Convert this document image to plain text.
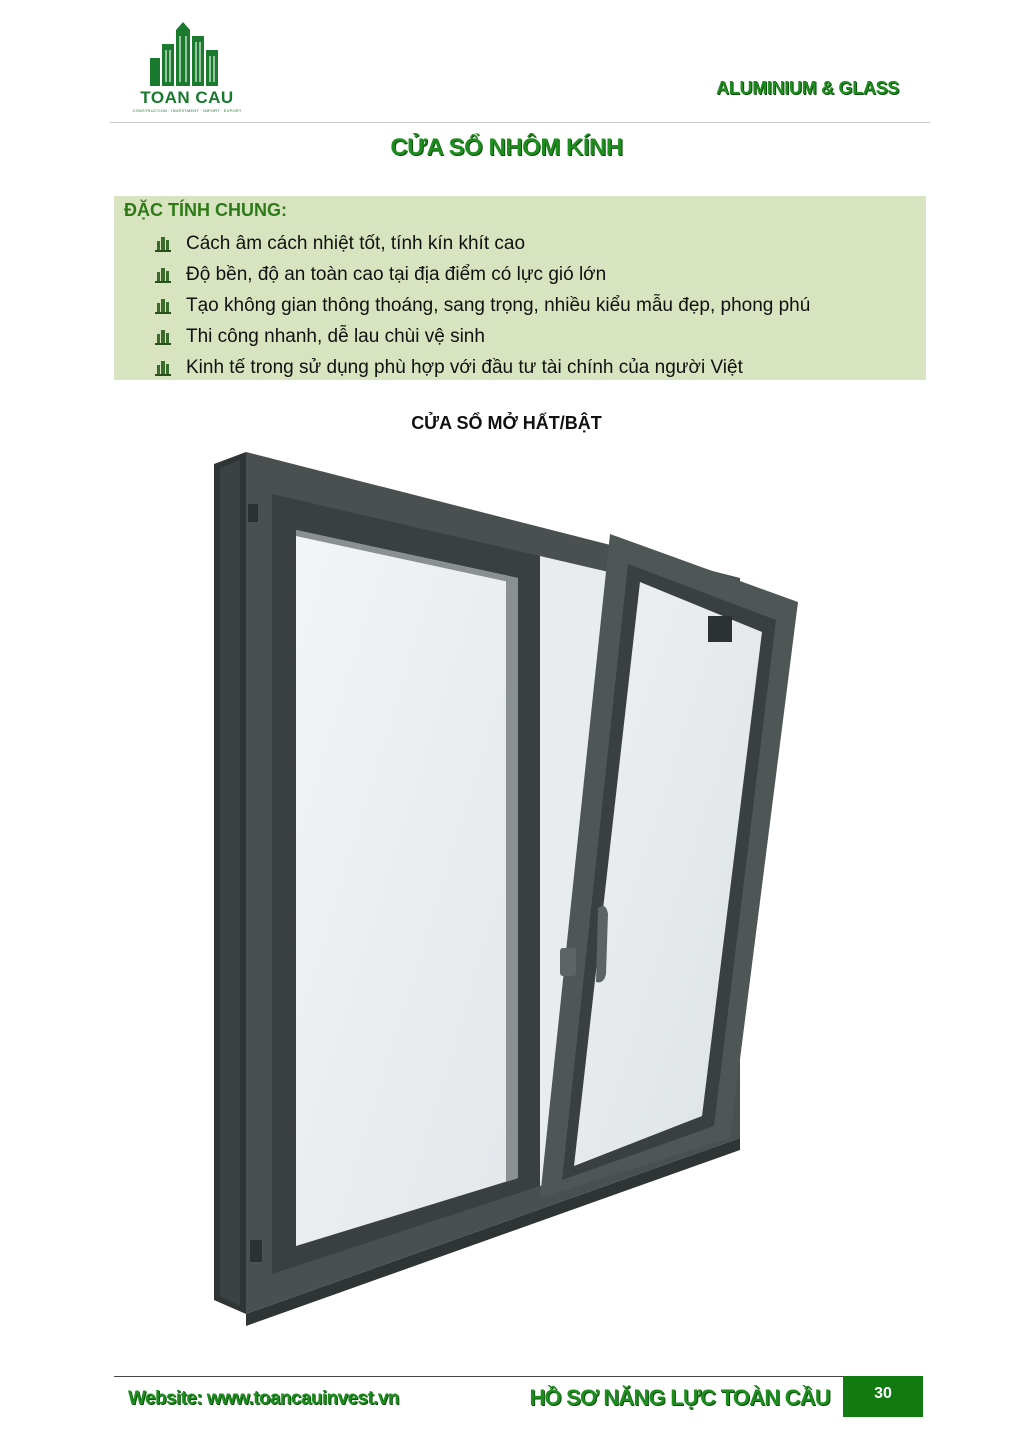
TOAN CAU
CONSTRUCTION · INVESTMENT · IMPORT · EXPORT
ALUMINIUM & GLASS
CỬA SỔ NHÔM KÍNH
ĐẶC TÍNH CHUNG:
Cách âm cách nhiệt tốt, tính kín khít cao
Độ bền, độ an toàn cao tại địa điểm có lực gió lớn
Tạo không gian thông thoáng, sang trọng, nhiều kiểu mẫu đẹp, phong phú
Thi công nhanh, dễ lau chùi vệ sinh
Kinh tế trong sử dụng phù hợp với đầu tư tài chính của người Việt
CỬA SỔ MỞ HẤT/BẬT
Website: www.toancauinvest.vn	HỒ SƠ NĂNG LỰC TOÀN CẦU	30
